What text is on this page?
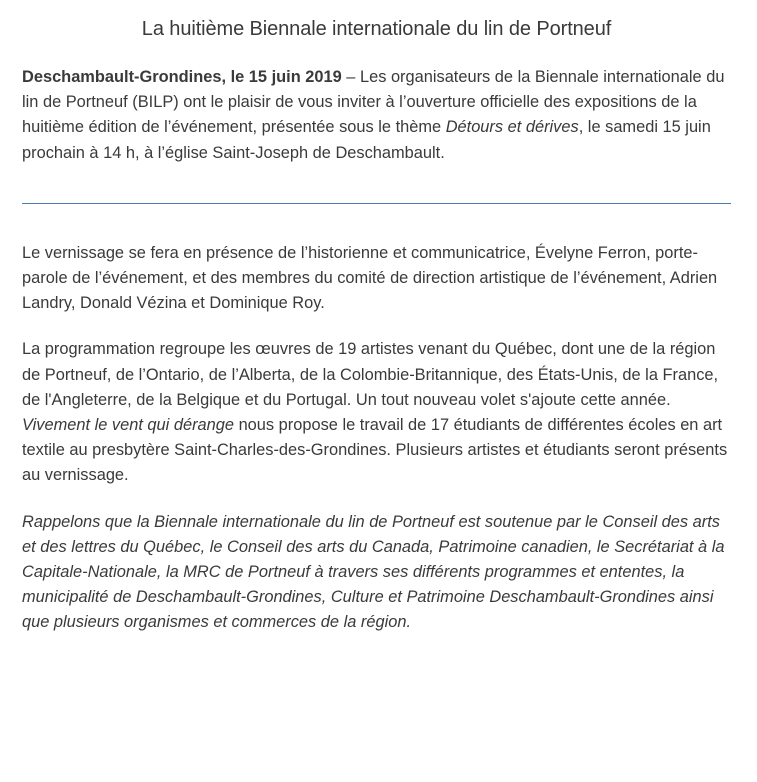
La huitième Biennale internationale du lin de Portneuf

Deschambault-Grondines, le 15 juin 2019 – Les organisateurs de la Biennale internationale du lin de Portneuf (BILP) ont le plaisir de vous inviter à l’ouverture officielle des expositions de la huitième édition de l’événement, présentée sous le thème Détours et dérives, le samedi 15 juin prochain à 14 h, à l’église Saint-Joseph de Deschambault.

Le vernissage se fera en présence de l’historienne et communicatrice, Évelyne Ferron, porte-parole de l’événement, et des membres du comité de direction artistique de l’événement, Adrien Landry, Donald Vézina et Dominique Roy.

La programmation regroupe les œuvres de 19 artistes venant du Québec, dont une de la région de Portneuf, de l’Ontario, de l’Alberta, de la Colombie-Britannique, des États-Unis, de la France, de l'Angleterre, de la Belgique et du Portugal. Un tout nouveau volet s'ajoute cette année. Vivement le vent qui dérange nous propose le travail de 17 étudiants de différentes écoles en art textile au presbytère Saint-Charles-des-Grondines. Plusieurs artistes et étudiants seront présents au vernissage.

Rappelons que la Biennale internationale du lin de Portneuf est soutenue par le Conseil des arts et des lettres du Québec, le Conseil des arts du Canada, Patrimoine canadien, le Secrétariat à la Capitale-Nationale, la MRC de Portneuf à travers ses différents programmes et ententes, la municipalité de Deschambault-Grondines, Culture et Patrimoine Deschambault-Grondines ainsi que plusieurs organismes et commerces de la région.
